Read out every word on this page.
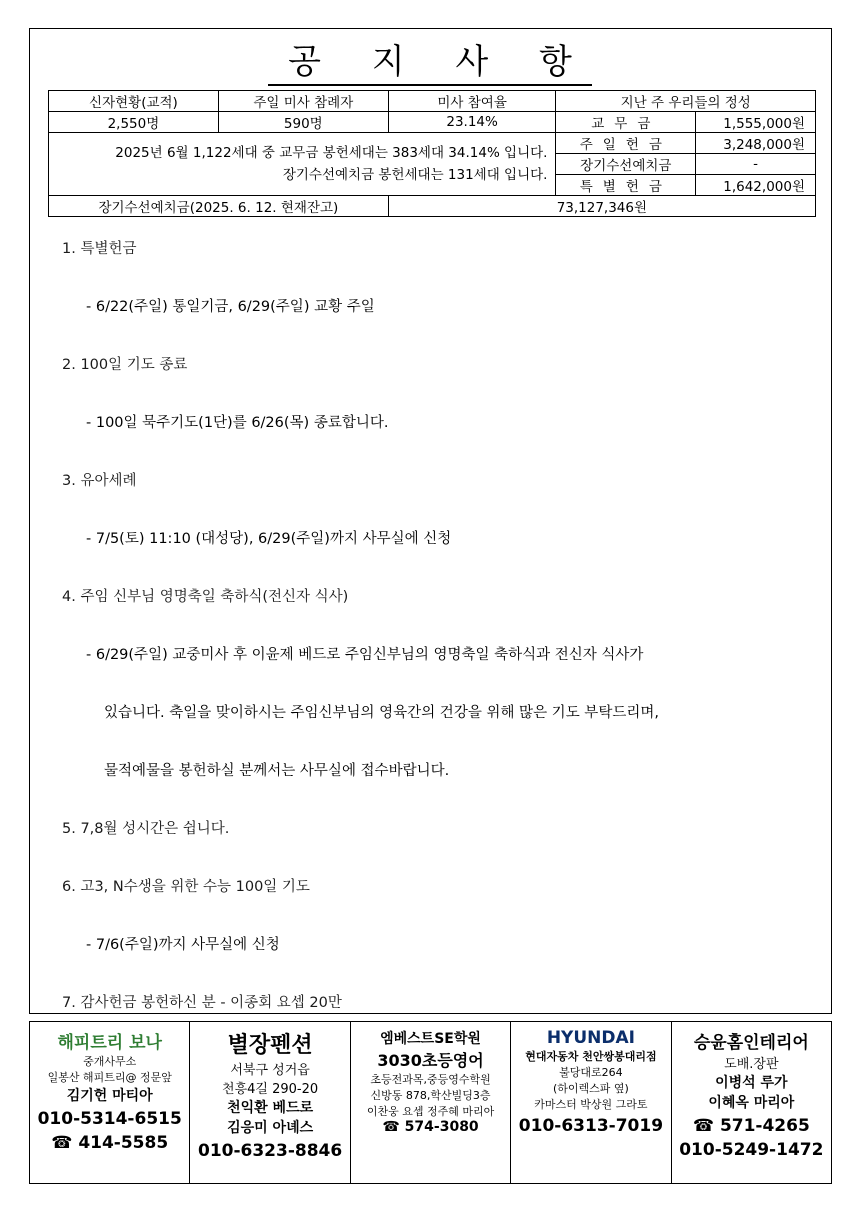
공 지 사 항
신자현황(교적)	주일 미사 참례자	미사 참여율	지난 주 우리들의 정성	
2,550명	590명	23.14%	교무금	1,555,000원

2025년 6월 1,122세대 중 교무금 봉헌세대는 383세대 34.14% 입니다.
장기수선예치금 봉헌세대는 131세대 입니다.			주일헌금	3,248,000원
			장기수선예치금	-
			특별헌금	1,642,000원
장기수선예치금(2025. 6. 12. 현재잔고)		73,127,346원		
1. 특별헌금
- 6/22(주일) 통일기금, 6/29(주일) 교황 주일
2. 100일 기도 종료
- 100일 묵주기도(1단)를 6/26(목) 종료합니다.
3. 유아세례
- 7/5(토) 11:10 (대성당), 6/29(주일)까지 사무실에 신청
4. 주임 신부님 영명축일 축하식(전신자 식사)
- 6/29(주일) 교중미사 후 이윤제 베드로 주임신부님의 영명축일 축하식과 전신자 식사가
있습니다. 축일을 맞이하시는 주임신부님의 영육간의 건강을 위해 많은 기도 부탁드리며,
물적예물을 봉헌하실 분께서는 사무실에 접수바랍니다.
5. 7,8월 성시간은 쉽니다.
6. 고3, N수생을 위한 수능 100일 기도
- 7/6(주일)까지 사무실에 신청
7. 감사헌금 봉헌하신 분 - 이종회 요셉 20만
해피트리 보나
중개사무소
일봉산 해피트리@ 정문앞
김기헌 마티아
010-5314-6515
☎ 414-5585
별장펜션
서북구 성거읍
천흥4길 290-20
천익환 베드로
김응미 아녜스
010-6323-8846
엠베스트SE학원
3030초등영어
초등전과목,중등영수학원
신방동 878,학산빌딩3층
이찬웅 요셉 정주혜 마리아
☎ 574-3080
HYUNDAI
현대자동차 천안쌍봉대리점
불당대로264
(하이렉스파 옆)
카마스터 박상원 그라토
010-6313-7019
승윤홈인테리어
도배.장판
이병석 루가
이혜옥 마리아
☎ 571-4265
010-5249-1472
